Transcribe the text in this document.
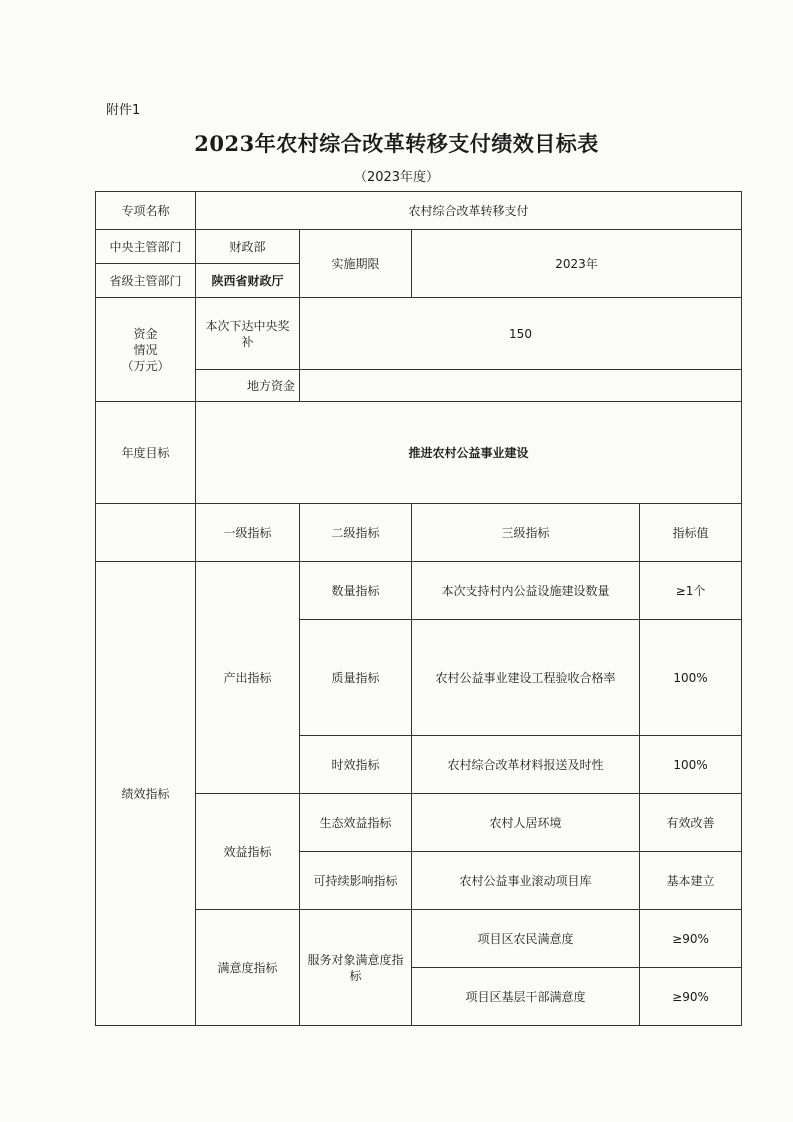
附件1
2023年农村综合改革转移支付绩效目标表
（2023年度）
专项名称	农村综合改革转移支付			
中央主管部门	财政部	实施期限	2023年	
省级主管部门	陕西省财政厅			

资金
情况
（万元）	本次下达中央奖补	150		
	地方资金			
年度目标	推进农村公益事业建设			
	一级指标	二级指标	三级指标	指标值
绩效指标	产出指标	数量指标	本次支持村内公益设施建设数量	≥1个
		质量指标	农村公益事业建设工程验收合格率	100%
		时效指标	农村综合改革材料报送及时性	100%
	效益指标	生态效益指标	农村人居环境	有效改善
		可持续影响指标	农村公益事业滚动项目库	基本建立
	满意度指标	服务对象满意度指标	项目区农民满意度	≥90%
			项目区基层干部满意度	≥90%
